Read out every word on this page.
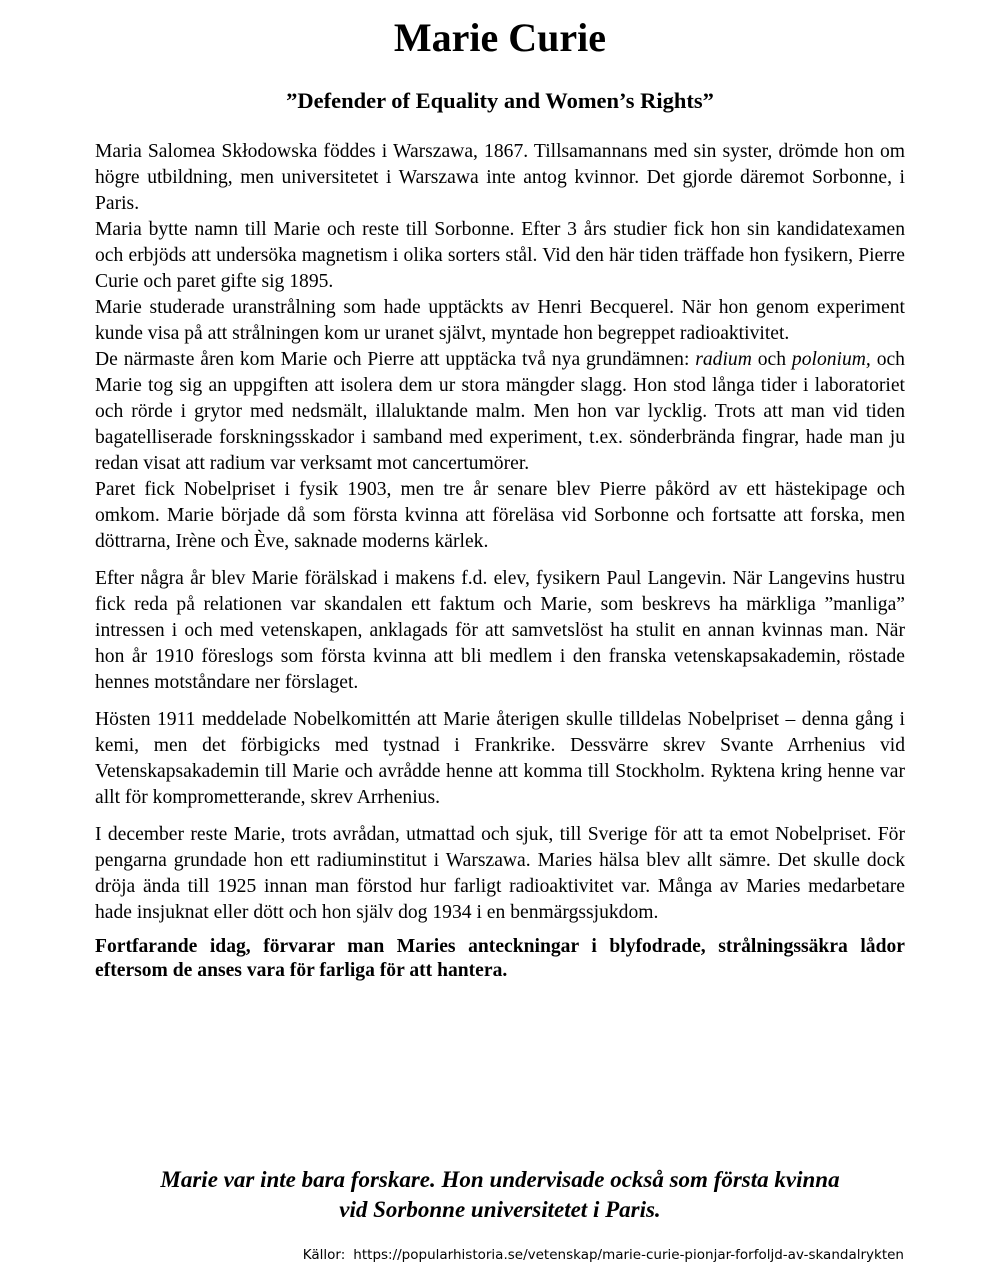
Marie Curie
”Defender of Equality and Women’s Rights”

Maria Salomea Skłodowska föddes i Warszawa, 1867. Tillsamannans med sin syster, drömde hon om högre utbildning, men universitetet i Warszawa inte antog kvinnor. Det gjorde däremot Sorbonne, i Paris.

Maria bytte namn till Marie och reste till Sorbonne. Efter 3 års studier fick hon sin kandidatexamen och erbjöds att undersöka magnetism i olika sorters stål. Vid den här tiden träffade hon fysikern, Pierre Curie och paret gifte sig 1895.

Marie studerade uranstrålning som hade upptäckts av Henri Becquerel. När hon genom experiment kunde visa på att strålningen kom ur uranet självt, myntade hon begreppet radioaktivitet.

De närmaste åren kom Marie och Pierre att upptäcka två nya grundämnen: radium och polonium, och Marie tog sig an uppgiften att isolera dem ur stora mängder slagg. Hon stod långa tider i laboratoriet och rörde i grytor med nedsmält, illaluktande malm. Men hon var lycklig. Trots att man vid tiden bagatelliserade forskningsskador i samband med experiment, t.ex. sönderbrända fingrar, hade man ju redan visat att radium var verksamt mot cancertumörer.

Paret fick Nobelpriset i fysik 1903, men tre år senare blev Pierre påkörd av ett hästekipage och omkom. Marie började då som första kvinna att föreläsa vid Sorbonne och fortsatte att forska, men döttrarna, Irène och Ève, saknade moderns kärlek.

Efter några år blev Marie förälskad i makens f.d. elev, fysikern Paul Langevin. När Langevins hustru fick reda på relationen var skandalen ett faktum och Marie, som beskrevs ha märkliga ”manliga” intressen i och med vetenskapen, anklagads för att samvetslöst ha stulit en annan kvinnas man. När hon år 1910 föreslogs som första kvinna att bli medlem i den franska vetenskapsakademin, röstade hennes motståndare ner förslaget.

Hösten 1911 meddelade Nobelkomittén att Marie återigen skulle tilldelas Nobelpriset – denna gång i kemi, men det förbigicks med tystnad i Frankrike. Dessvärre skrev Svante Arrhenius vid Vetenskapsakademin till Marie och avrådde henne att komma till Stockholm. Ryktena kring henne var allt för komprometterande, skrev Arrhenius.

I december reste Marie, trots avrådan, utmattad och sjuk, till Sverige för att ta emot Nobelpriset. För pengarna grundade hon ett radiuminstitut i Warszawa. Maries hälsa blev allt sämre. Det skulle dock dröja ända till 1925 innan man förstod hur farligt radioaktivitet var. Många av Maries medarbetare hade insjuknat eller dött och hon själv dog 1934 i en benmärgssjukdom.

Fortfarande idag, förvarar man Maries anteckningar i blyfodrade, strålningssäkra lådor eftersom de anses vara för farliga för att hantera.

Marie var inte bara forskare. Hon undervisade också som första kvinna
vid Sorbonne universitetet i Paris.
Källor: https://popularhistoria.se/vetenskap/marie-curie-pionjar-forfoljd-av-skandalrykten
